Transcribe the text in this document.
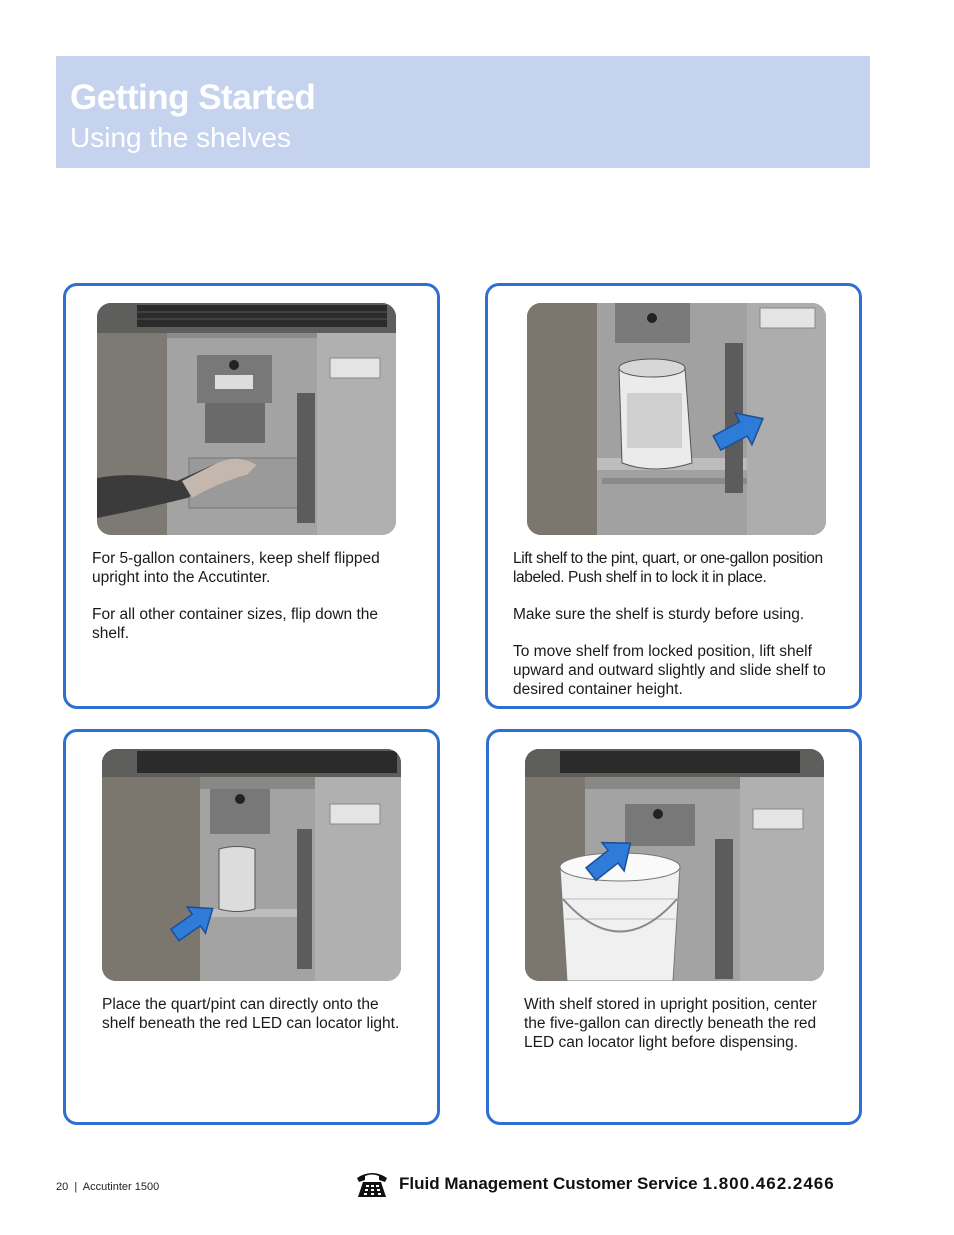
Getting Started
Using the shelves

For 5-gallon containers, keep shelf flipped upright into the Accutinter.

For all other container sizes, flip down the shelf.

Lift shelf to the pint, quart, or one-gallon position labeled. Push shelf in to lock it in place.

Make sure the shelf is sturdy before using.

To move shelf from locked position, lift shelf upward and outward slightly and slide shelf to desired container height.

Place the quart/pint can directly onto the shelf beneath the red LED can locator light.

With shelf stored in upright position, center the five-gallon can directly beneath the red LED can locator light before dispensing.

20 | Accutinter 1500	Fluid Management Customer Service 1.800.462.2466
